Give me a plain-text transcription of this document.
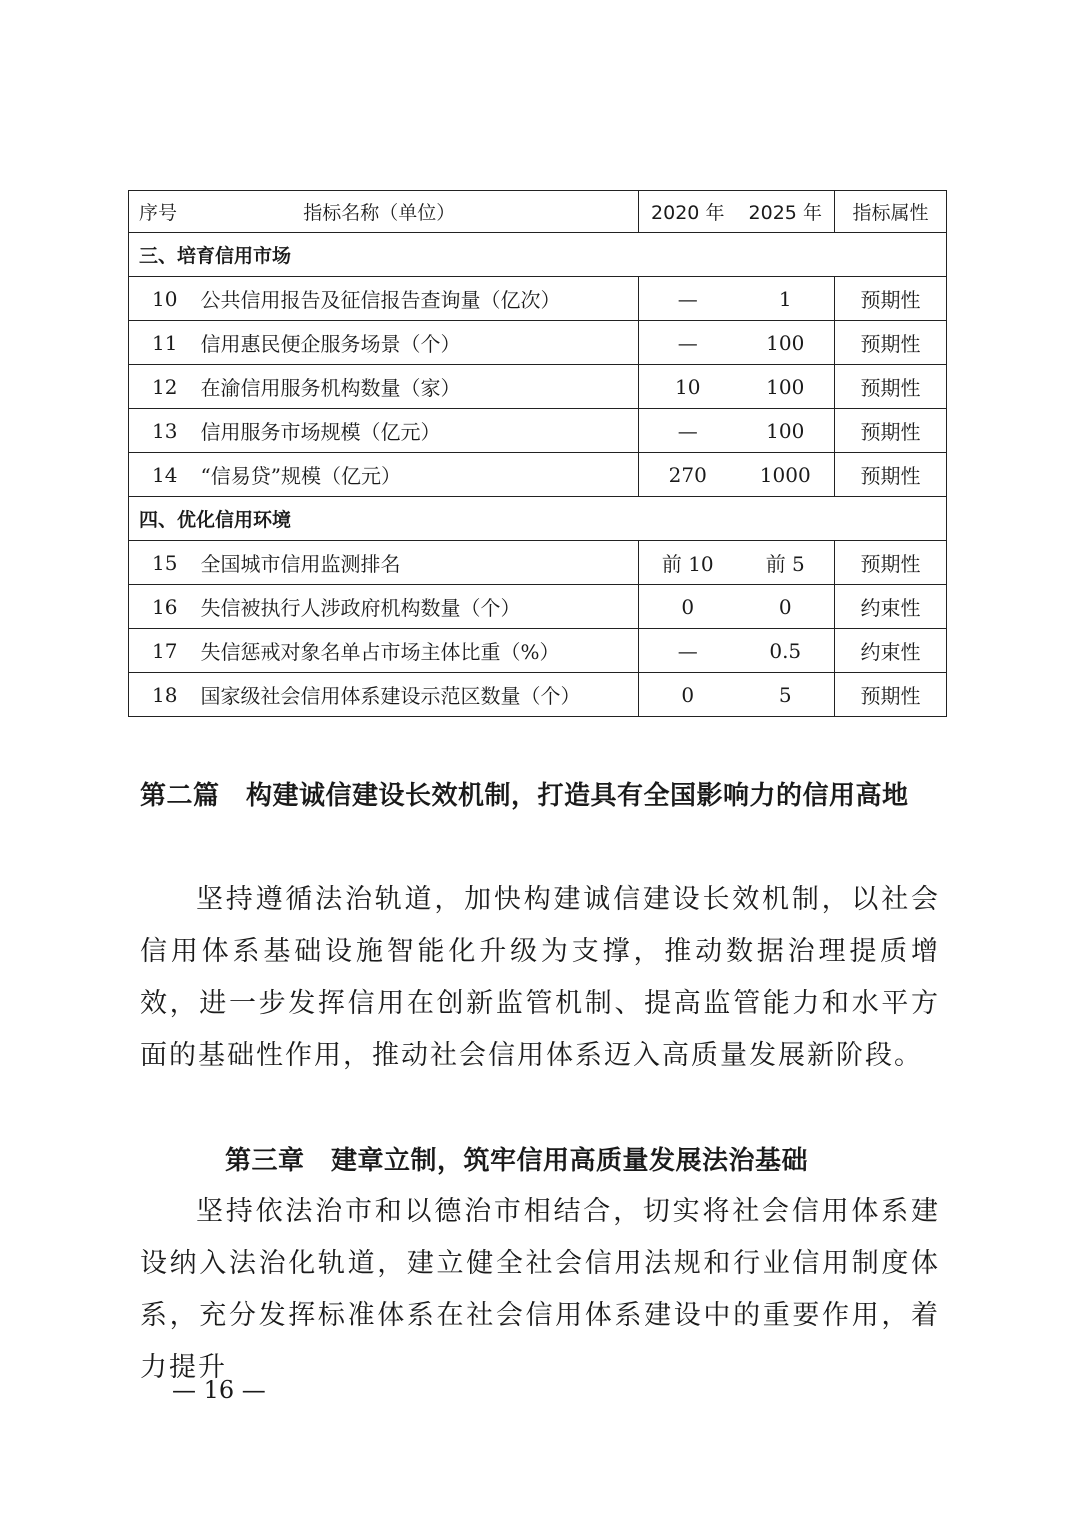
序号	指标名称（单位）	2020 年	2025 年	指标属性
三、培育信用市场				
10	公共信用报告及征信报告查询量（亿次）	—	1	预期性
11	信用惠民便企服务场景（个）	—	100	预期性
12	在渝信用服务机构数量（家）	10	100	预期性
13	信用服务市场规模（亿元）	—	100	预期性
14	“信易贷”规模（亿元）	270	1000	预期性
四、优化信用环境				
15	全国城市信用监测排名	前 10	前 5	预期性
16	失信被执行人涉政府机构数量（个）	0	0	约束性
17	失信惩戒对象名单占市场主体比重（%）	—	0.5	约束性
18	国家级社会信用体系建设示范区数量（个）	0	5	预期性
第二篇　构建诚信建设长效机制，打造具有全国影响力的信用高地

坚持遵循法治轨道，加快构建诚信建设长效机制，以社会信用体系基础设施智能化升级为支撑，推动数据治理提质增效，进一步发挥信用在创新监管机制、提高监管能力和水平方面的基础性作用，推动社会信用体系迈入高质量发展新阶段。

第三章　建章立制，筑牢信用高质量发展法治基础

坚持依法治市和以德治市相结合，切实将社会信用体系建设纳入法治化轨道，建立健全社会信用法规和行业信用制度体系，充分发挥标准体系在社会信用体系建设中的重要作用，着力提升

— 16 —
